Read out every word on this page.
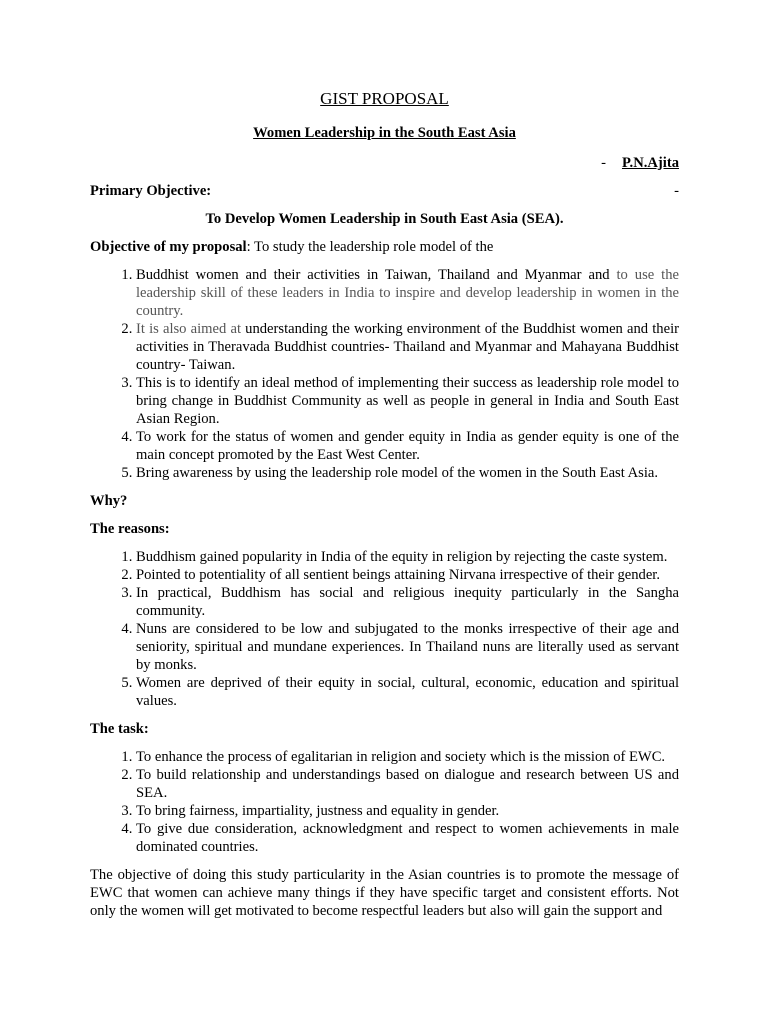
GIST PROPOSAL
Women Leadership in the South East Asia
- P.N.Ajita
Primary Objective:	-
To Develop Women Leadership in South East Asia (SEA).
Objective of my proposal: To study the leadership role model of the
1. Buddhist women and their activities in Taiwan, Thailand and Myanmar and to use the leadership skill of these leaders in India to inspire and develop leadership in women in the country.
2. It is also aimed at understanding the working environment of the Buddhist women and their activities in Theravada Buddhist countries- Thailand and Myanmar and Mahayana Buddhist country- Taiwan.
3. This is to identify an ideal method of implementing their success as leadership role model to bring change in Buddhist Community as well as people in general in India and South East Asian Region.
4. To work for the status of women and gender equity in India as gender equity is one of the main concept promoted by the East West Center.
5. Bring awareness by using the leadership role model of the women in the South East Asia.
Why?
The reasons:
1. Buddhism gained popularity in India of the equity in religion by rejecting the caste system.
2. Pointed to potentiality of all sentient beings attaining Nirvana irrespective of their gender.
3. In practical, Buddhism has social and religious inequity particularly in the Sangha community.
4. Nuns are considered to be low and subjugated to the monks irrespective of their age and seniority, spiritual and mundane experiences. In Thailand nuns are literally used as servant by monks.
5. Women are deprived of their equity in social, cultural, economic, education and spiritual values.
The task:
1. To enhance the process of egalitarian in religion and society which is the mission of EWC.
2. To build relationship and understandings based on dialogue and research between US and SEA.
3. To bring fairness, impartiality, justness and equality in gender.
4. To give due consideration, acknowledgment and respect to women achievements in male dominated countries.

The objective of doing this study particularity in the Asian countries is to promote the message of EWC that women can achieve many things if they have specific target and consistent efforts. Not only the women will get motivated to become respectful leaders but also will gain the support and
